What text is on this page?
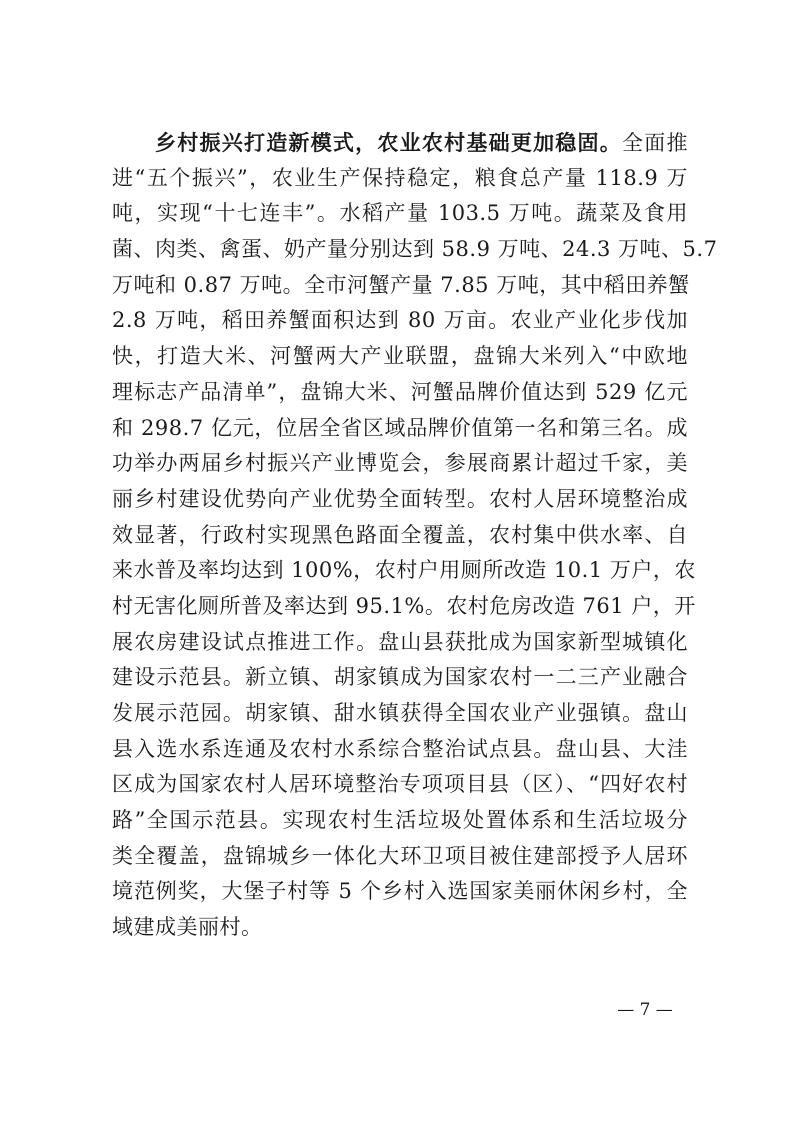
乡村振兴打造新模式，农业农村基础更加稳固。全面推
进“五个振兴”，农业生产保持稳定，粮食总产量 118.9 万
吨，实现“十七连丰”。水稻产量 103.5 万吨。蔬菜及食用
菌、肉类、禽蛋、奶产量分别达到 58.9 万吨、24.3 万吨、5.7
万吨和 0.87 万吨。全市河蟹产量 7.85 万吨，其中稻田养蟹
2.8 万吨，稻田养蟹面积达到 80 万亩。农业产业化步伐加
快，打造大米、河蟹两大产业联盟，盘锦大米列入“中欧地
理标志产品清单”，盘锦大米、河蟹品牌价值达到 529 亿元
和 298.7 亿元，位居全省区域品牌价值第一名和第三名。成
功举办两届乡村振兴产业博览会，参展商累计超过千家，美
丽乡村建设优势向产业优势全面转型。农村人居环境整治成
效显著，行政村实现黑色路面全覆盖，农村集中供水率、自
来水普及率均达到 100%，农村户用厕所改造 10.1 万户，农
村无害化厕所普及率达到 95.1%。农村危房改造 761 户，开
展农房建设试点推进工作。盘山县获批成为国家新型城镇化
建设示范县。新立镇、胡家镇成为国家农村一二三产业融合
发展示范园。胡家镇、甜水镇获得全国农业产业强镇。盘山
县入选水系连通及农村水系综合整治试点县。盘山县、大洼
区成为国家农村人居环境整治专项项目县（区）、“四好农村
路”全国示范县。实现农村生活垃圾处置体系和生活垃圾分
类全覆盖，盘锦城乡一体化大环卫项目被住建部授予人居环
境范例奖，大堡子村等 5 个乡村入选国家美丽休闲乡村，全
域建成美丽村。
— 7 —
